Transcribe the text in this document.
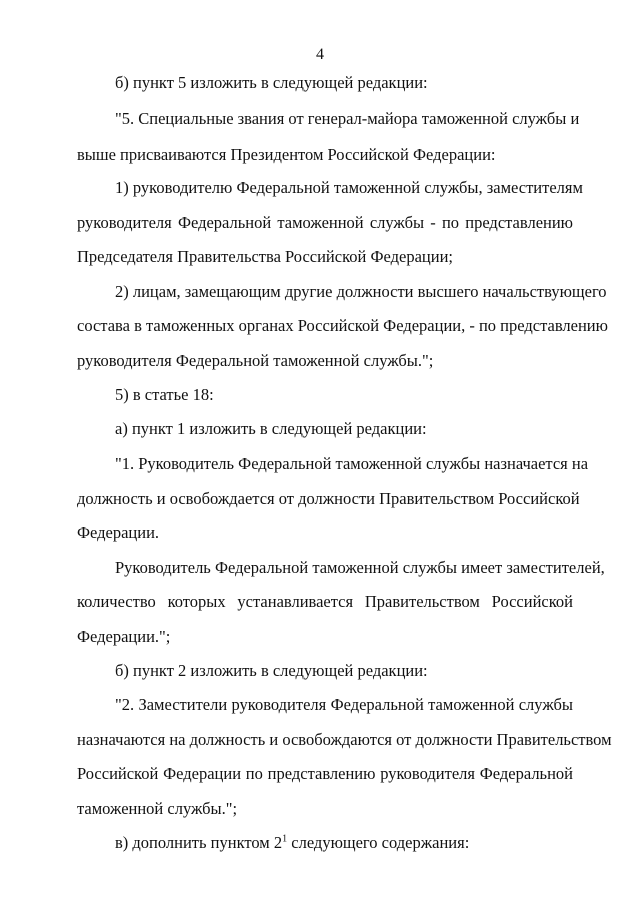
4
б) пункт 5 изложить в следующей редакции:
"5. Специальные звания от генерал-майора таможенной службы и
выше присваиваются Президентом Российской Федерации:
1) руководителю Федеральной таможенной службы, заместителям
руководителя Федеральной таможенной службы - по представлению
Председателя Правительства Российской Федерации;
2) лицам, замещающим другие должности высшего начальствующего
состава в таможенных органах Российской Федерации, - по представлению
руководителя Федеральной таможенной службы.";
5) в статье 18:
а) пункт 1 изложить в следующей редакции:
"1. Руководитель Федеральной таможенной службы назначается на
должность и освобождается от должности Правительством Российской
Федерации.
Руководитель Федеральной таможенной службы имеет заместителей,
количество которых устанавливается Правительством Российской
Федерации.";
б) пункт 2 изложить в следующей редакции:
"2. Заместители руководителя Федеральной таможенной службы
назначаются на должность и освобождаются от должности Правительством
Российской Федерации по представлению руководителя Федеральной
таможенной службы.";
в) дополнить пунктом $2^1$ следующего содержания:
